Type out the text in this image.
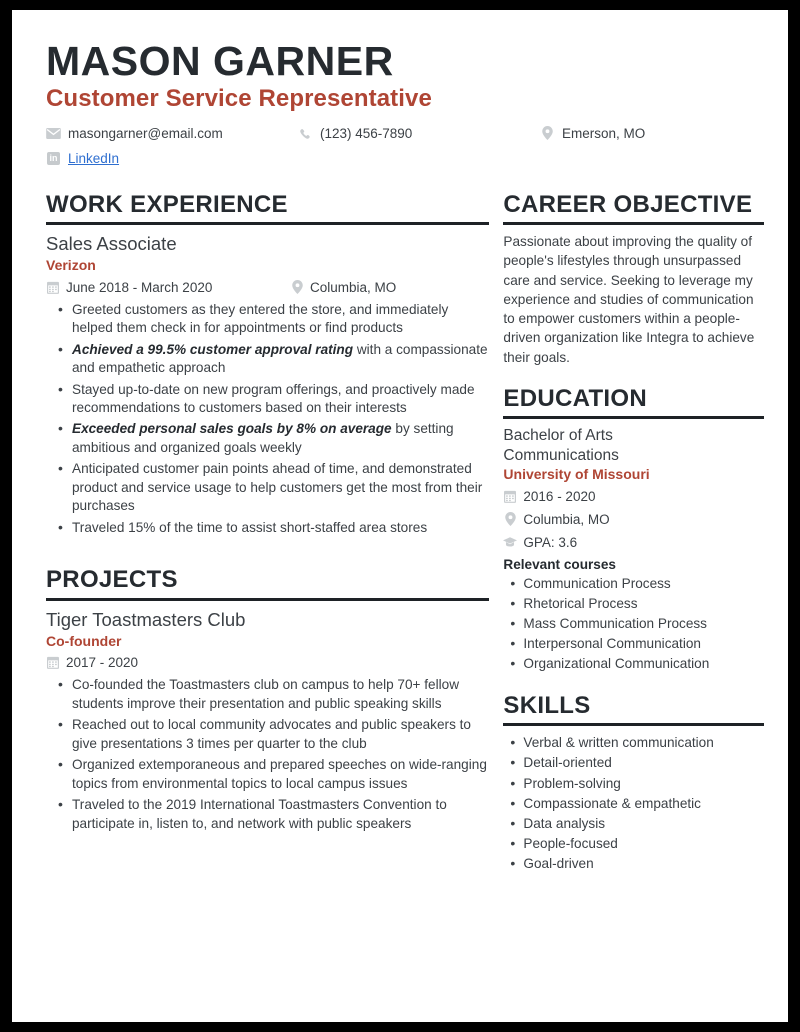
MASON GARNER
Customer Service Representative
masongarner@email.com	(123) 456-7890	Emerson, MO
in LinkedIn
WORK EXPERIENCE
Sales Associate
Verizon
June 2018 - March 2020	Columbia, MO
• Greeted customers as they entered the store, and immediately helped them check in for appointments or find products
• Achieved a 99.5% customer approval rating with a compassionate and empathetic approach
• Stayed up-to-date on new program offerings, and proactively made recommendations to customers based on their interests
• Exceeded personal sales goals by 8% on average by setting ambitious and organized goals weekly
• Anticipated customer pain points ahead of time, and demonstrated product and service usage to help customers get the most from their purchases
• Traveled 15% of the time to assist short-staffed area stores
PROJECTS
Tiger Toastmasters Club
Co-founder
2017 - 2020
• Co-founded the Toastmasters club on campus to help 70+ fellow students improve their presentation and public speaking skills
• Reached out to local community advocates and public speakers to give presentations 3 times per quarter to the club
• Organized extemporaneous and prepared speeches on wide-ranging topics from environmental topics to local campus issues
• Traveled to the 2019 International Toastmasters Convention to participate in, listen to, and network with public speakers
CAREER OBJECTIVE

Passionate about improving the quality of people's lifestyles through unsurpassed care and service. Seeking to leverage my experience and studies of communication to empower customers within a people-driven organization like Integra to achieve their goals.

EDUCATION
Bachelor of Arts
Communications
University of Missouri
2016 - 2020
Columbia, MO
GPA: 3.6
Relevant courses
• Communication Process
• Rhetorical Process
• Mass Communication Process
• Interpersonal Communication
• Organizational Communication
SKILLS
• Verbal & written communication
• Detail-oriented
• Problem-solving
• Compassionate & empathetic
• Data analysis
• People-focused
• Goal-driven
